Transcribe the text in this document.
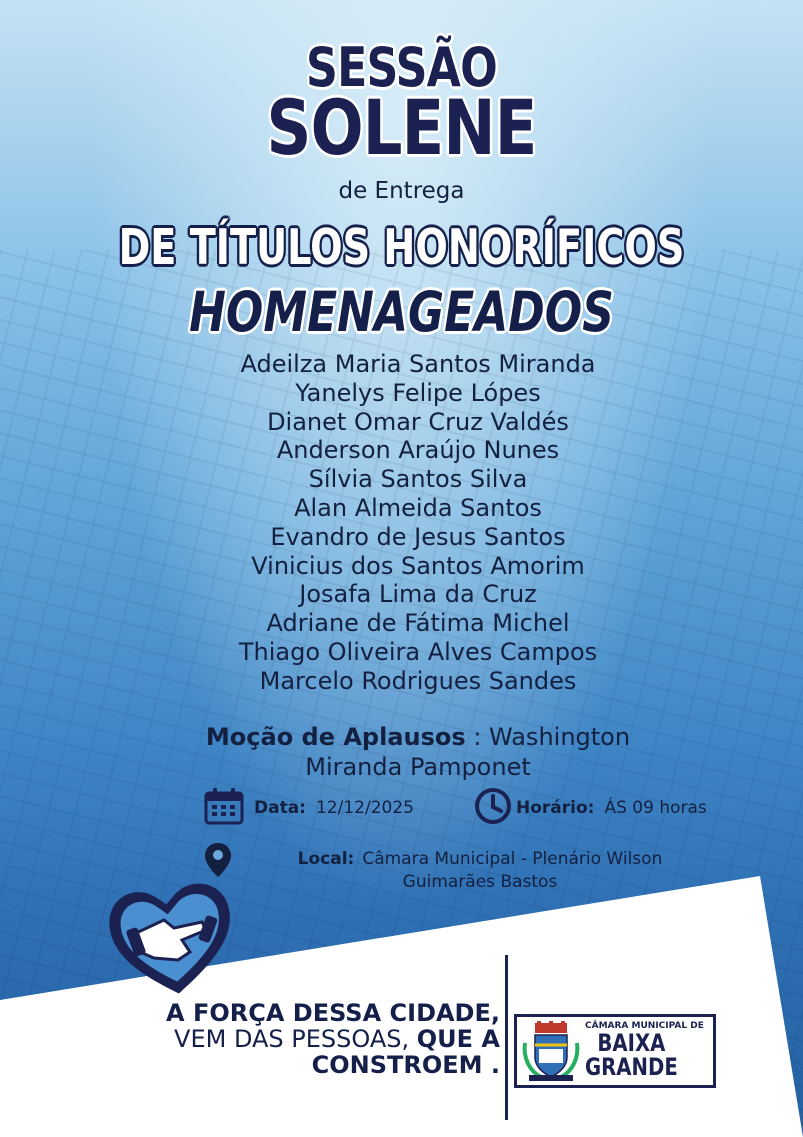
SESSÃO
SOLENE
de Entrega
DE TÍTULOS HONORÍFICOS
HOMENAGEADOS
Adeilza Maria Santos Miranda
Yanelys Felipe Lópes
Dianet Omar Cruz Valdés
Anderson Araújo Nunes
Sílvia Santos Silva
Alan Almeida Santos
Evandro de Jesus Santos
Vinicius dos Santos Amorim
Josafa Lima da Cruz
Adriane de Fátima Michel
Thiago Oliveira Alves Campos
Marcelo Rodrigues Sandes
Moção de Aplausos : Washington
Miranda Pamponet
Data: 12/12/2025	Horário: ÁS 09 horas
Local: Câmara Municipal - Plenário Wilson
Guimarães Bastos
A FORÇA DESSA CIDADE,
VEM DAS PESSOAS, QUE A
CONSTROEM .
CÂMARA MUNICIPAL DE
BAIXA
GRANDE
